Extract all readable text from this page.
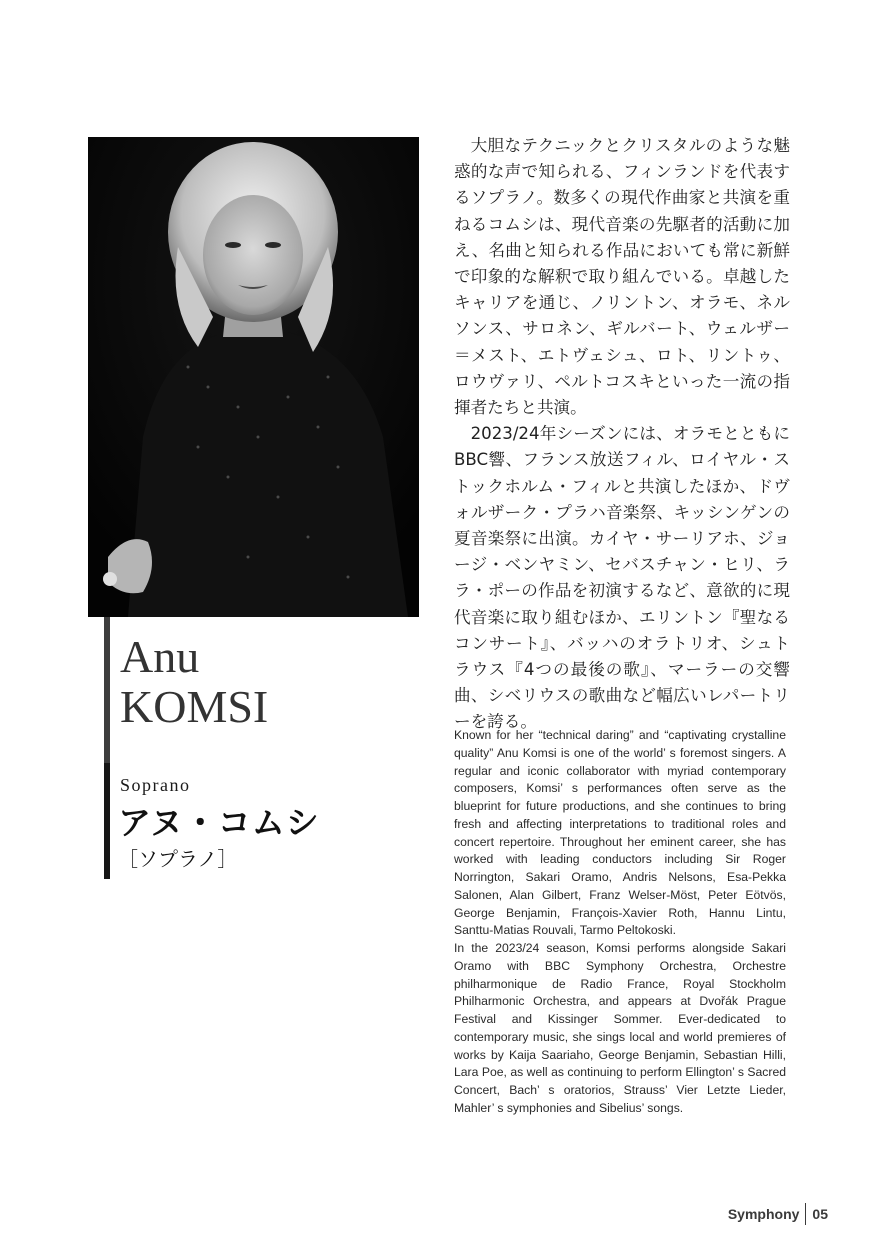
Anu
KOMSI
Soprano
アヌ・コムシ
［ソプラノ］

大胆なテクニックとクリスタルのような魅惑的な声で知られる、フィンランドを代表するソプラノ。数多くの現代作曲家と共演を重ねるコムシは、現代音楽の先駆者的活動に加え、名曲と知られる作品においても常に新鮮で印象的な解釈で取り組んでいる。卓越したキャリアを通じ、ノリントン、オラモ、ネルソンス、サロネン、ギルバート、ウェルザー＝メスト、エトヴェシュ、ロト、リントゥ、ロウヴァリ、ペルトコスキといった一流の指揮者たちと共演。

2023/24年シーズンには、オラモとともにBBC響、フランス放送フィル、ロイヤル・ストックホルム・フィルと共演したほか、ドヴォルザーク・プラハ音楽祭、キッシンゲンの夏音楽祭に出演。カイヤ・サーリアホ、ジョージ・ベンヤミン、セバスチャン・ヒリ、ララ・ポーの作品を初演するなど、意欲的に現代音楽に取り組むほか、エリントン『聖なるコンサート』、バッハのオラトリオ、シュトラウス『4つの最後の歌』、マーラーの交響曲、シベリウスの歌曲など幅広いレパートリーを誇る。

Known for her “technical daring” and “captivating crystalline quality” Anu Komsi is one of the world’ s foremost singers. A regular and iconic collaborator with myriad contemporary composers, Komsi’ s performances often serve as the blueprint for future productions, and she continues to bring fresh and affecting interpretations to traditional roles and concert repertoire. Throughout her eminent career, she has worked with leading conductors including Sir Roger Norrington, Sakari Oramo, Andris Nelsons, Esa-Pekka Salonen, Alan Gilbert, Franz Welser-Möst, Peter Eötvös, George Benjamin, François-Xavier Roth, Hannu Lintu, Santtu-Matias Rouvali, Tarmo Peltokoski.

In the 2023/24 season, Komsi performs alongside Sakari Oramo with BBC Symphony Orchestra, Orchestre philharmonique de Radio France, Royal Stockholm Philharmonic Orchestra, and appears at Dvořák Prague Festival and Kissinger Sommer. Ever-dedicated to contemporary music, she sings local and world premieres of works by Kaija Saariaho, George Benjamin, Sebastian Hilli, Lara Poe, as well as continuing to perform Ellington’ s Sacred Concert, Bach’ s oratorios, Strauss’ Vier Letzte Lieder, Mahler’ s symphonies and Sibelius’ songs.

Symphony 05
